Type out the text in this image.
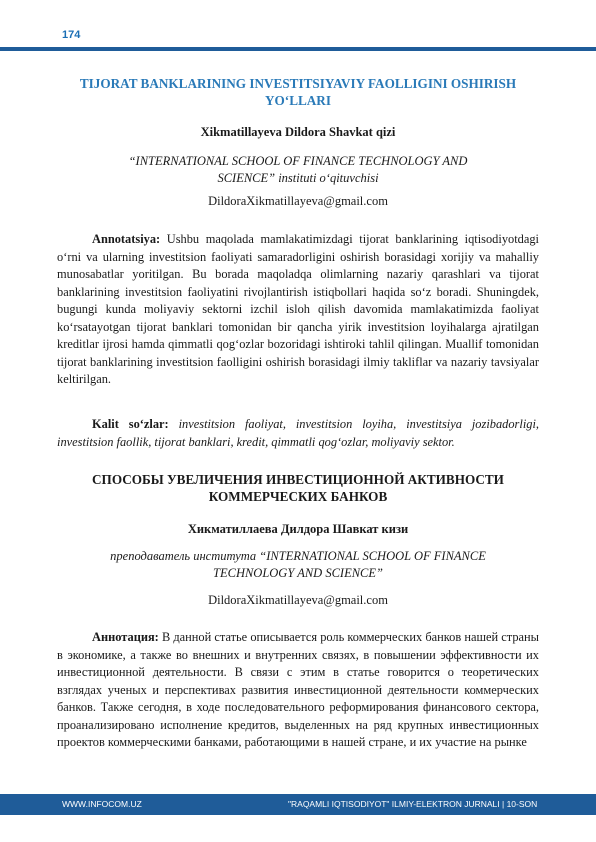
174
TIJORAT BANKLARINING INVESTITSIYAVIY FAOLLIGINI OSHIRISH YO‘LLARI
Xikmatillayeva Dildora Shavkat qizi
“INTERNATIONAL SCHOOL OF FINANCE TECHNOLOGY AND
SCIENCE” instituti o‘qituvchisi
DildoraXikmatillayeva@gmail.com
Annotatsiya: Ushbu maqolada mamlakatimizdagi tijorat banklarining iqtisodiyotdagi o‘rni va ularning investitsion faoliyati samaradorligini oshirish borasidagi xorijiy va mahalliy munosabatlar yoritilgan. Bu borada maqoladqa olimlarning nazariy qarashlari va tijorat banklarining investitsion faoliyatini rivojlantirish istiqbollari haqida so‘z boradi. Shuningdek, bugungi kunda moliyaviy sektorni izchil isloh qilish davomida mamlakatimizda faoliyat ko‘rsatayotgan tijorat banklari tomonidan bir qancha yirik investitsion loyihalarga ajratilgan kreditlar ijrosi hamda qimmatli qog‘ozlar bozoridagi ishtiroki tahlil qilingan. Muallif tomonidan tijorat banklarining investitsion faolligini oshirish borasidagi ilmiy takliflar va nazariy tavsiyalar keltirilgan.
Kalit so‘zlar: investitsion faoliyat, investitsion loyiha, investitsiya jozibadorligi, investitsion faollik, tijorat banklari, kredit, qimmatli qog‘ozlar, moliyaviy sektor.
СПОСОБЫ УВЕЛИЧЕНИЯ ИНВЕСТИЦИОННОЙ АКТИВНОСТИ КОММЕРЧЕСКИХ БАНКОВ
Хикматиллаева Дилдора Шавкат кизи
преподаватель института “INTERNATIONAL SCHOOL OF FINANCE
TECHNOLOGY AND SCIENCE”
DildoraXikmatillayeva@gmail.com
Аннотация: В данной статье описывается роль коммерческих банков нашей страны в экономике, а также во внешних и внутренних связях, в повышении эффективности их инвестиционной деятельности. В связи с этим в статье говорится о теоретических взглядах ученых и перспективах развития инвестиционной деятельности коммерческих банков. Также сегодня, в ходе последовательного реформирования финансового сектора, проанализировано исполнение кредитов, выделенных на ряд крупных инвестиционных проектов коммерческими банками, работающими в нашей стране, и их участие на рынке
WWW.INFOCOM.UZ	"RAQAMLI IQTISODIYOT" ILMIY-ELEKTRON JURNALI | 10-SON
